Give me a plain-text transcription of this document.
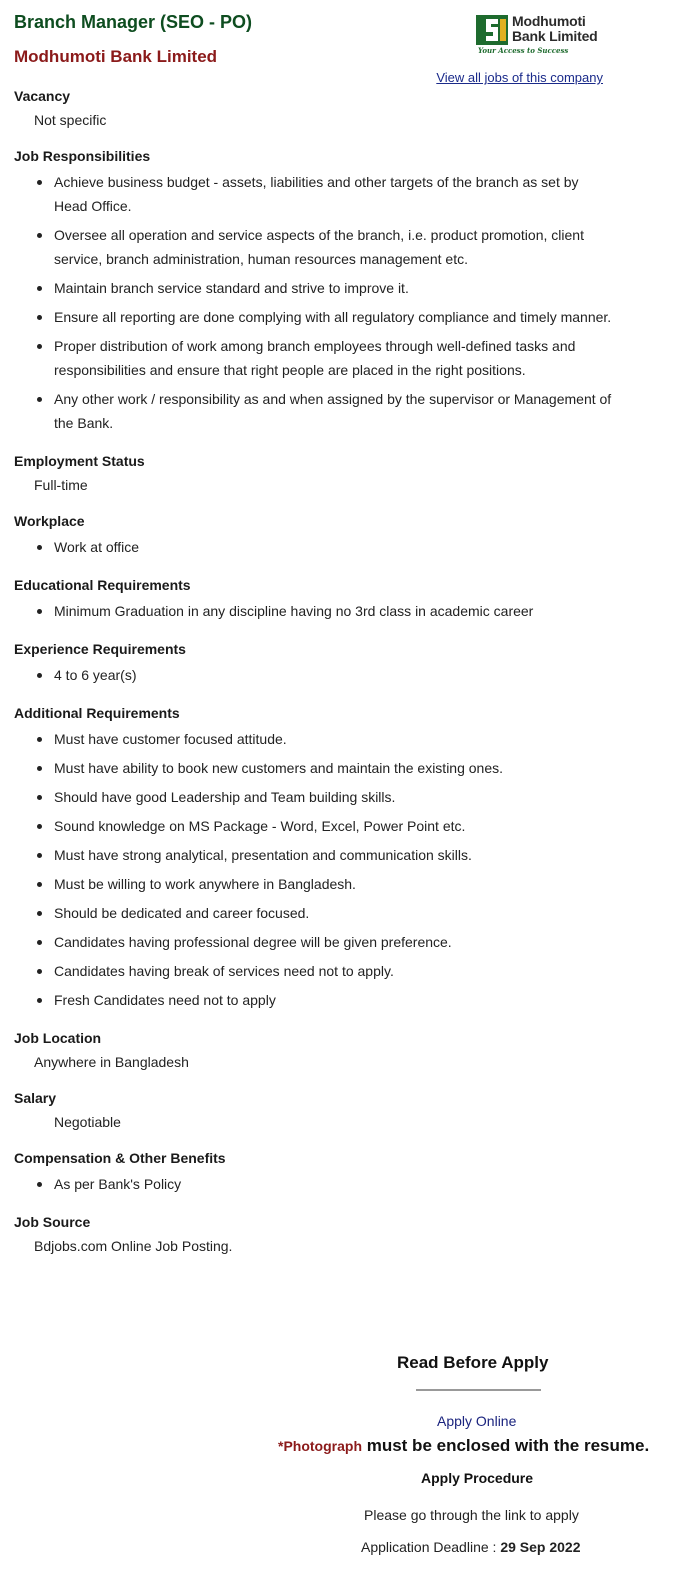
Branch Manager (SEO - PO)
Modhumoti Bank Limited
Modhumoti
Bank Limited
Your Access to Success
View all jobs of this company
Vacancy
Not specific
Job Responsibilities
Achieve business budget - assets, liabilities and other targets of the branch as set by Head Office.
Oversee all operation and service aspects of the branch, i.e. product promotion, client service, branch administration, human resources management etc.
Maintain branch service standard and strive to improve it.
Ensure all reporting are done complying with all regulatory compliance and timely manner.
Proper distribution of work among branch employees through well-defined tasks and responsibilities and ensure that right people are placed in the right positions.
Any other work / responsibility as and when assigned by the supervisor or Management of the Bank.
Employment Status
Full-time
Workplace
Work at office
Educational Requirements
Minimum Graduation in any discipline having no 3rd class in academic career
Experience Requirements
4 to 6 year(s)
Additional Requirements
Must have customer focused attitude.
Must have ability to book new customers and maintain the existing ones.
Should have good Leadership and Team building skills.
Sound knowledge on MS Package - Word, Excel, Power Point etc.
Must have strong analytical, presentation and communication skills.
Must be willing to work anywhere in Bangladesh.
Should be dedicated and career focused.
Candidates having professional degree will be given preference.
Candidates having break of services need not to apply.
Fresh Candidates need not to apply
Job Location
Anywhere in Bangladesh
Salary
Negotiable
Compensation & Other Benefits
As per Bank's Policy
Job Source
Bdjobs.com Online Job Posting.
Read Before Apply
Apply Online
*Photograph must be enclosed with the resume.
Apply Procedure
Please go through the link to apply
Application Deadline : 29 Sep 2022
